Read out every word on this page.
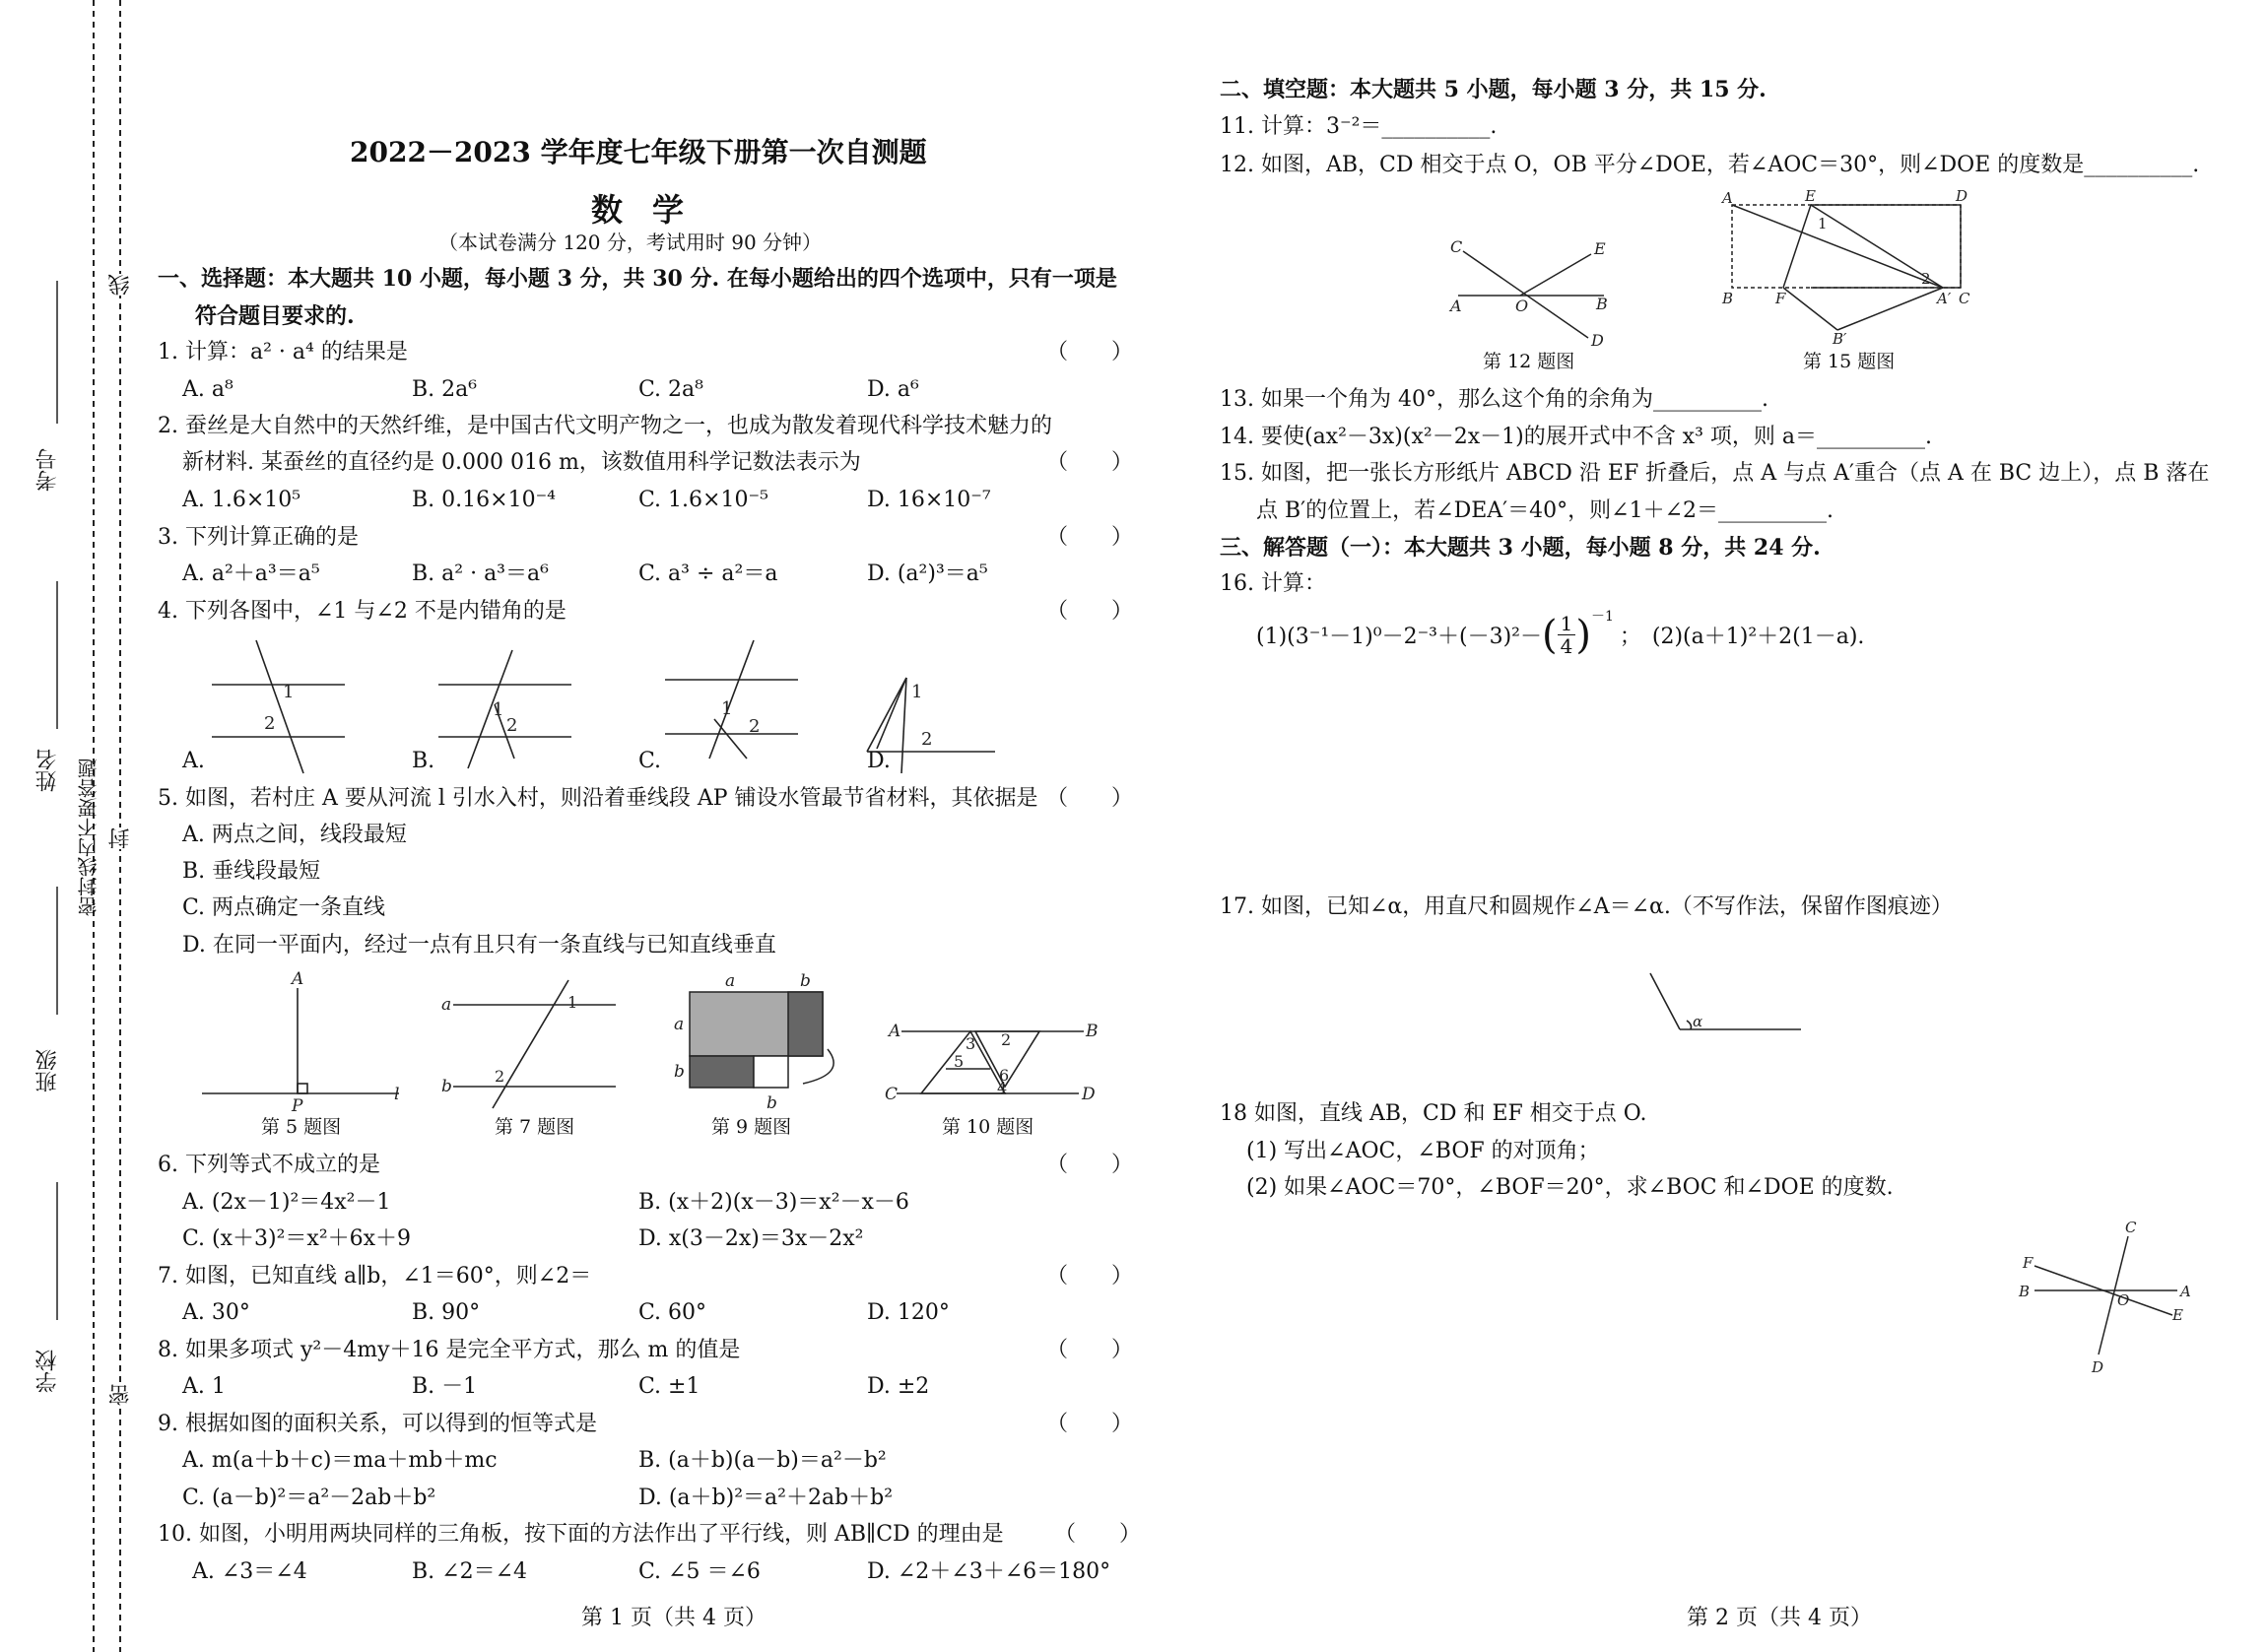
考号
姓名 密封线内不要答题
班级
学校
线
封
密
2022－2023 学年度七年级下册第一次自测题
数学
（本试卷满分 120 分，考试用时 90 分钟）
一、选择题：本大题共 10 小题，每小题 3 分，共 30 分. 在每小题给出的四个选项中，只有一项是
符合题目要求的.
1. 计算：a² · a⁴ 的结果是	（　　）
A. a⁸	B. 2a⁶	C. 2a⁸	D. a⁶
2. 蚕丝是大自然中的天然纤维，是中国古代文明产物之一，也成为散发着现代科学技术魅力的
新材料. 某蚕丝的直径约是 0.000 016 m，该数值用科学记数法表示为	（　　）
A. 1.6×10⁵	B. 0.16×10⁻⁴	C. 1.6×10⁻⁵	D. 16×10⁻⁷
3. 下列计算正确的是	（　　）
A. a²＋a³＝a⁵	B. a² · a³＝a⁶	C. a³ ÷ a²＝a	D. (a²)³＝a⁵
4. 下列各图中，∠1 与∠2 不是内错角的是	（　　）
1
2
1
2
1
2
1
2
A.	B.	C.	D.
5. 如图，若村庄 A 要从河流 l 引水入村，则沿着垂线段 AP 铺设水管最节省材料，其依据是 （　　）
A. 两点之间，线段最短
B. 垂线段最短
C. 两点确定一条直线
D. 在同一平面内，经过一点有且只有一条直线与已知直线垂直
A
P
l
a
b
a	b
a
b
b
A	B
C	D
1
2
3 2
5
6
4
第 5 题图	第 7 题图	第 9 题图	第 10 题图
6. 下列等式不成立的是	（　　）
A. (2x－1)²＝4x²－1	B. (x＋2)(x－3)＝x²－x－6
C. (x＋3)²＝x²＋6x＋9	D. x(3－2x)＝3x－2x²
7. 如图，已知直线 a∥b，∠1＝60°，则∠2＝	（　　）
A. 30°	B. 90°	C. 60°	D. 120°
8. 如果多项式 y²－4my＋16 是完全平方式，那么 m 的值是	（　　）
A. 1	B. －1	C. ±1	D. ±2
9. 根据如图的面积关系，可以得到的恒等式是	（　　）
A. m(a＋b＋c)＝ma＋mb＋mc	B. (a＋b)(a－b)＝a²－b²
C. (a－b)²＝a²－2ab＋b²	D. (a＋b)²＝a²＋2ab＋b²
10. 如图，小明用两块同样的三角板，按下面的方法作出了平行线，则 AB∥CD 的理由是 （　　）
A. ∠3＝∠4	B. ∠2＝∠4	C. ∠5 ＝∠6	D. ∠2＋∠3＋∠6＝180°
第 1 页（共 4 页）
二、填空题：本大题共 5 小题，每小题 3 分，共 15 分.
11. 计算：3⁻²＝__________.
12. 如图，AB，CD 相交于点 O，OB 平分∠DOE，若∠AOC＝30°，则∠DOE 的度数是__________.
C	E
A	O	B
D
第 12 题图
A	E	D
B	F	A′ C
B′
1
2
第 15 题图
13. 如果一个角为 40°，那么这个角的余角为__________.
14. 要使(ax²－3x)(x²－2x－1)的展开式中不含 x³ 项，则 a＝__________.
15. 如图，把一张长方形纸片 ABCD 沿 EF 折叠后，点 A 与点 A′重合（点 A 在 BC 边上），点 B 落在
点 B′的位置上，若∠DEA′＝40°，则∠1＋∠2＝__________.
三、解答题（一）：本大题共 3 小题，每小题 8 分，共 24 分.
16. 计算：
(1)(3⁻¹－1)⁰－2⁻³＋(－3)²－ ( $\frac{1}{4}$ ) －1
；　(2)(a＋1)²＋2(1－a).
17. 如图，已知∠α，用直尺和圆规作∠A＝∠α.（不写作法，保留作图痕迹）
α
18 如图，直线 AB，CD 和 EF 相交于点 O.
(1) 写出∠AOC，∠BOF 的对顶角；
(2) 如果∠AOC＝70°，∠BOF＝20°，求∠BOC 和∠DOE 的度数.
C
F
B	A
O
E
D
第 2 页（共 4 页）
